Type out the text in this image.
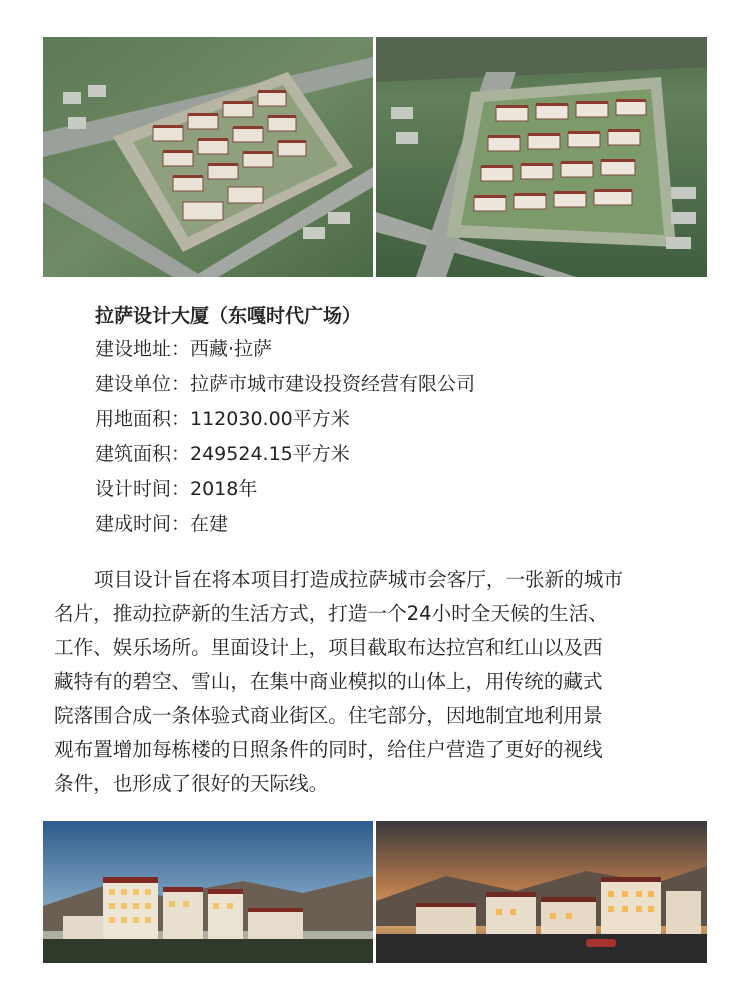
拉萨设计大厦（东嘎时代广场）
建设地址：西藏·拉萨
建设单位：拉萨市城市建设投资经营有限公司
用地面积：112030.00平方米
建筑面积：249524.15平方米
设计时间：2018年
建成时间：在建
项目设计旨在将本项目打造成拉萨城市会客厅，一张新的城市
名片，推动拉萨新的生活方式，打造一个24小时全天候的生活、
工作、娱乐场所。里面设计上，项目截取布达拉宫和红山以及西
藏特有的碧空、雪山，在集中商业模拟的山体上，用传统的藏式
院落围合成一条体验式商业街区。住宅部分，因地制宜地利用景
观布置增加每栋楼的日照条件的同时，给住户营造了更好的视线
条件，也形成了很好的天际线。
